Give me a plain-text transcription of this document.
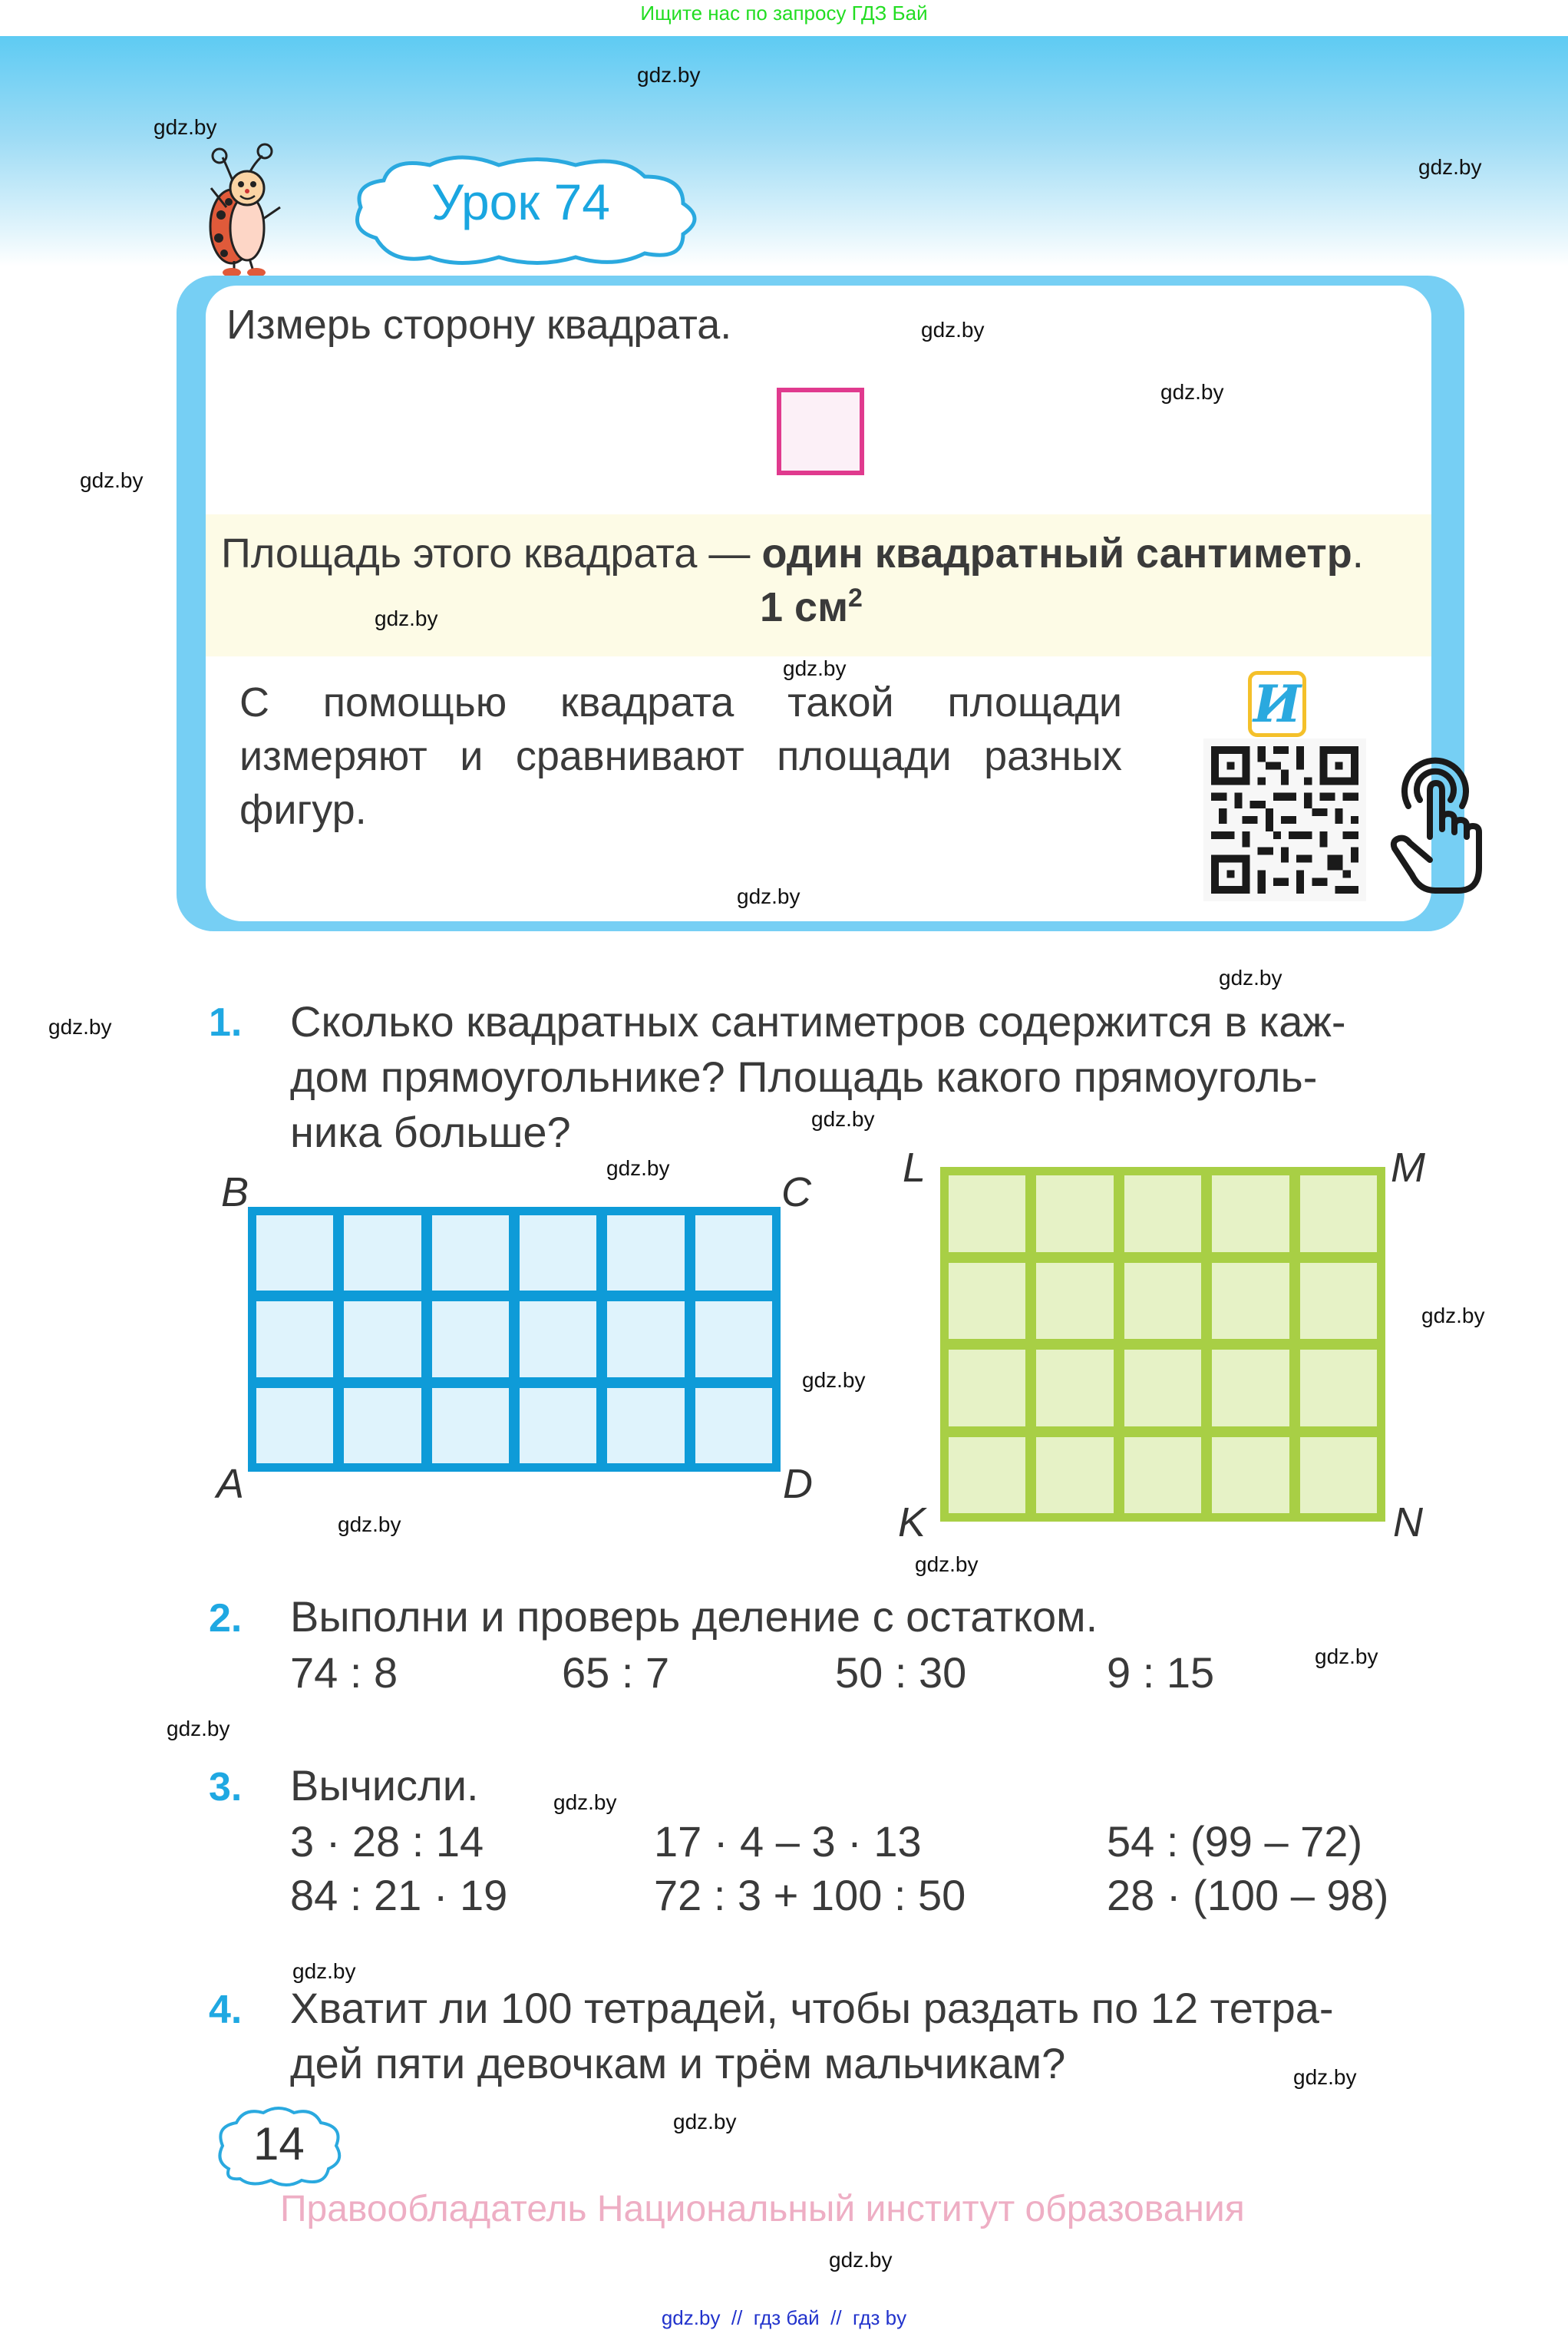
Ищите нас по запросу ГДЗ Бай
Урок 74
Измерь сторону квадрата.
Площадь этого квадрата — один квадратный сантиметр.
1 $см^2$
С помощью квадрата такой площади
измеряют и сравнивают площади разных
фигур.
И
gdz.by
gdz.by
gdz.by
gdz.by
gdz.by
gdz.by
gdz.by
gdz.by
gdz.by
gdz.by
gdz.by
gdz.by
gdz.by
gdz.by
gdz.by
gdz.by
gdz.by
gdz.by
gdz.by
gdz.by
gdz.by
gdz.by
gdz.by
gdz.by
1. Сколько квадратных сантиметров содержится в каж-
дом прямоугольнике? Площадь какого прямоуголь-
ника больше?
B	C
A	D
L	M
K	N
2. Выполни и проверь деление с остатком.
74 : 8	65 : 7	50 : 30	9 : 15
3. Вычисли.
3 · 28 : 14	17 · 4 – 3 · 13	54 : (99 – 72)
84 : 21 · 19	72 : 3 + 100 : 50	28 · (100 – 98)
4. Хватит ли 100 тетрадей, чтобы раздать по 12 тетра-
дей пяти девочкам и трём мальчикам?
14
Правообладатель Национальный институт образования
gdz.by  //  гдз бай  //  гдз by
